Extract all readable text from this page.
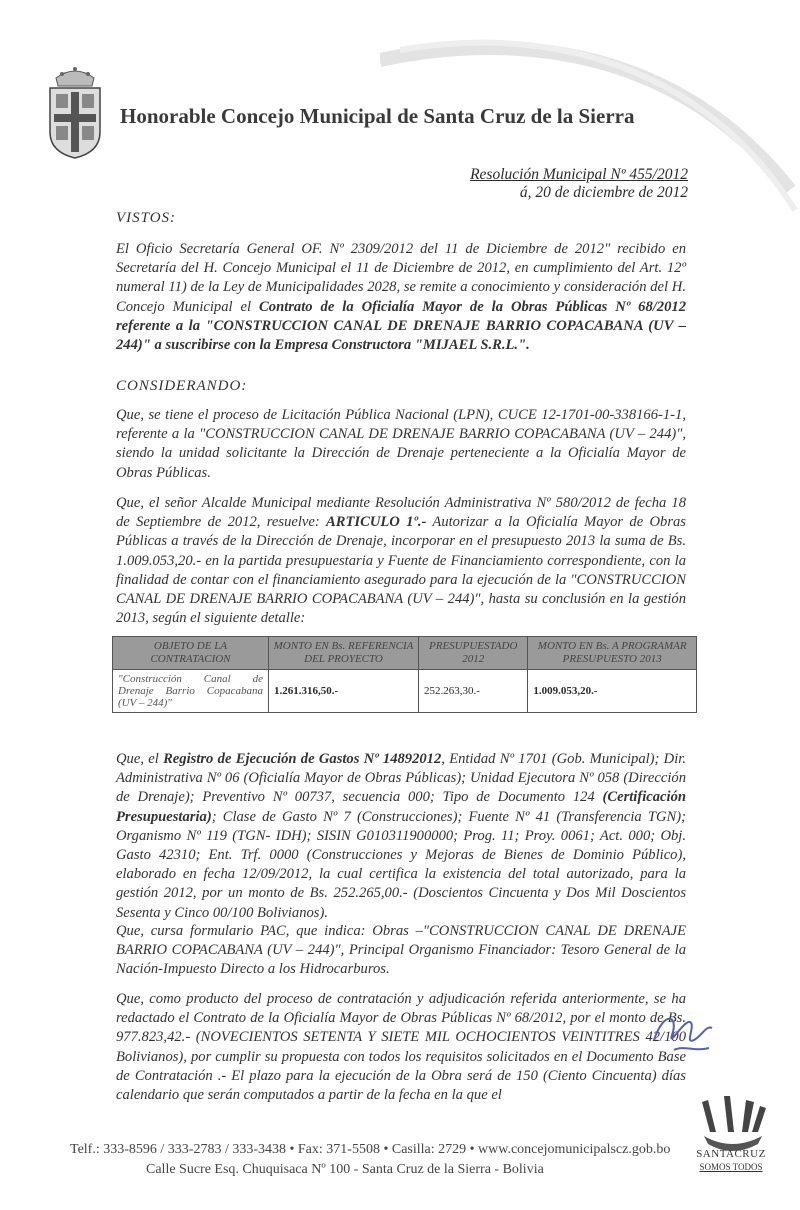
Honorable Concejo Municipal de Santa Cruz de la Sierra
Resolución Municipal Nº 455/2012
á, 20 de diciembre de 2012
VISTOS:
El Oficio Secretaría General OF. Nº 2309/2012 del 11 de Diciembre de 2012" recibido en Secretaría del H. Concejo Municipal el 11 de Diciembre de 2012, en cumplimiento del Art. 12º numeral 11) de la Ley de Municipalidades 2028, se remite a conocimiento y consideración del H. Concejo Municipal el Contrato de la Oficialía Mayor de la Obras Públicas Nº 68/2012 referente a la "CONSTRUCCION CANAL DE DRENAJE BARRIO COPACABANA (UV – 244)" a suscribirse con la Empresa Constructora "MIJAEL S.R.L.".
CONSIDERANDO:
Que, se tiene el proceso de Licitación Pública Nacional (LPN), CUCE 12-1701-00-338166-1-1, referente a la "CONSTRUCCION CANAL DE DRENAJE BARRIO COPACABANA (UV – 244)", siendo la unidad solicitante la Dirección de Drenaje perteneciente a la Oficialía Mayor de Obras Públicas.
Que, el señor Alcalde Municipal mediante Resolución Administrativa Nº 580/2012 de fecha 18 de Septiembre de 2012, resuelve: ARTICULO 1º.- Autorizar a la Oficialía Mayor de Obras Públicas a través de la Dirección de Drenaje, incorporar en el presupuesto 2013 la suma de Bs. 1.009.053,20.- en la partida presupuestaria y Fuente de Financiamiento correspondiente, con la finalidad de contar con el financiamiento asegurado para la ejecución de la "CONSTRUCCION CANAL DE DRENAJE BARRIO COPACABANA (UV – 244)", hasta su conclusión en la gestión 2013, según el siguiente detalle:
OBJETO DE LA CONTRATACION	MONTO EN Bs. REFERENCIA DEL PROYECTO	PRESUPUESTADO 2012	MONTO EN Bs. A PROGRAMAR PRESUPUESTO 2013
"Construcción Canal de Drenaje Barrio Copacabana (UV – 244)"	1.261.316,50.-	252.263,30.-	1.009.053,20.-
Que, el Registro de Ejecución de Gastos Nº 14892012, Entidad Nº 1701 (Gob. Municipal); Dir. Administrativa Nº 06 (Oficialía Mayor de Obras Públicas); Unidad Ejecutora Nº 058 (Dirección de Drenaje); Preventivo Nº 00737, secuencia 000; Tipo de Documento 124 (Certificación Presupuestaria); Clase de Gasto Nº 7 (Construcciones); Fuente Nº 41 (Transferencia TGN); Organismo Nº 119 (TGN- IDH); SISIN G010311900000; Prog. 11; Proy. 0061; Act. 000; Obj. Gasto 42310; Ent. Trf. 0000 (Construcciones y Mejoras de Bienes de Dominio Público), elaborado en fecha 12/09/2012, la cual certifica la existencia del total autorizado, para la gestión 2012, por un monto de Bs. 252.265,00.- (Doscientos Cincuenta y Dos Mil Doscientos Sesenta y Cinco 00/100 Bolivianos).
Que, cursa formulario PAC, que indica: Obras –"CONSTRUCCION CANAL DE DRENAJE BARRIO COPACABANA (UV – 244)", Principal Organismo Financiador: Tesoro General de la Nación-Impuesto Directo a los Hidrocarburos.
Que, como producto del proceso de contratación y adjudicación referida anteriormente, se ha redactado el Contrato de la Oficialía Mayor de Obras Públicas Nº 68/2012, por el monto de Bs. 977.823,42.- (NOVECIENTOS SETENTA Y SIETE MIL OCHOCIENTOS VEINTITRES 42/100 Bolivianos), por cumplir su propuesta con todos los requisitos solicitados en el Documento Base de Contratación .- El plazo para la ejecución de la Obra será de 150 (Ciento Cincuenta) días calendario que serán computados a partir de la fecha en la que el
SANTACRUZ
SOMOS TODOS
Telf.: 333-8596 / 333-2783 / 333-3438 • Fax: 371-5508 • Casilla: 2729 • www.concejomunicipalscz.gob.bo
Calle Sucre Esq. Chuquisaca Nº 100 - Santa Cruz de la Sierra - Bolivia
